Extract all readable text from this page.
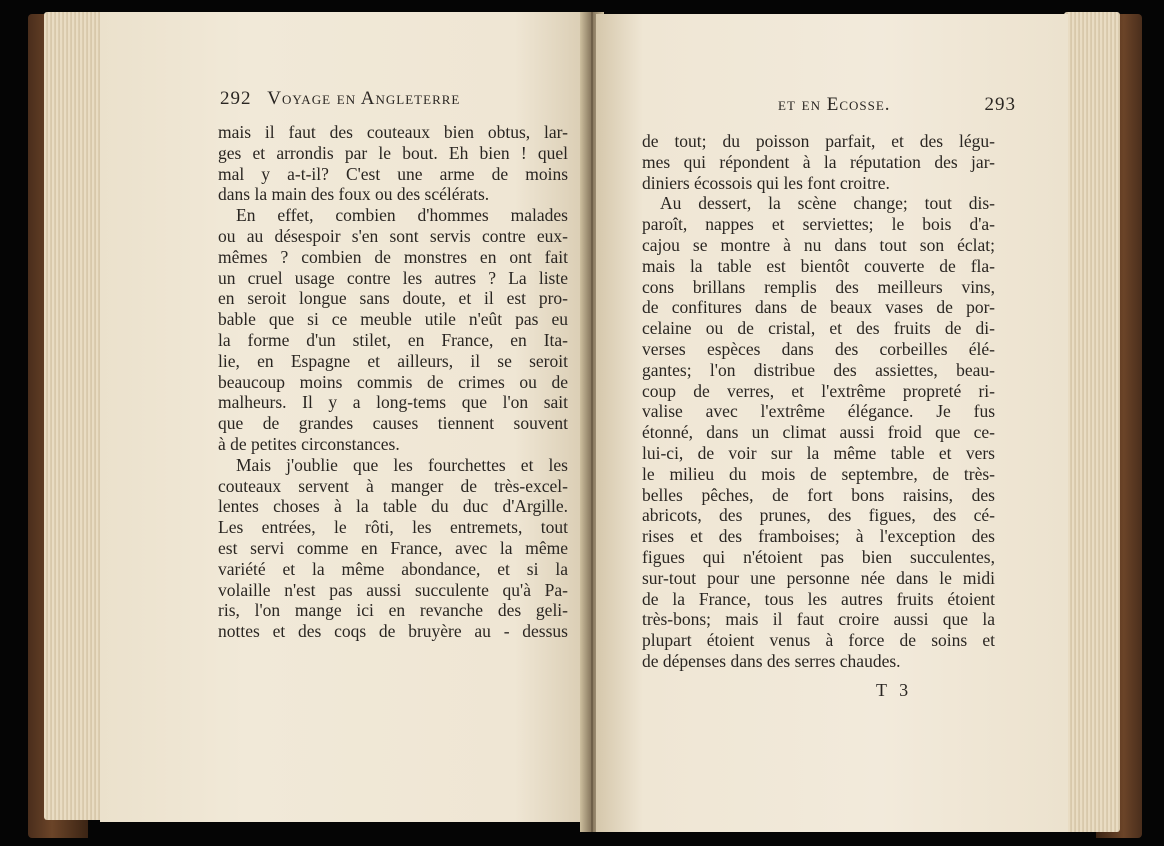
292 Voyage en Angleterre
mais il faut des couteaux bien obtus, lar-
ges et arrondis par le bout. Eh bien ! quel
mal y a-t-il? C'est une arme de moins
dans la main des foux ou des scélérats.
En effet, combien d'hommes malades
ou au désespoir s'en sont servis contre eux-
mêmes ? combien de monstres en ont fait
un cruel usage contre les autres ? La liste
en seroit longue sans doute, et il est pro-
bable que si ce meuble utile n'eût pas eu
la forme d'un stilet, en France, en Ita-
lie, en Espagne et ailleurs, il se seroit
beaucoup moins commis de crimes ou de
malheurs. Il y a long-tems que l'on sait
que de grandes causes tiennent souvent
à de petites circonstances.
Mais j'oublie que les fourchettes et les
couteaux servent à manger de très-excel-
lentes choses à la table du duc d'Argille.
Les entrées, le rôti, les entremets, tout
est servi comme en France, avec la même
variété et la même abondance, et si la
volaille n'est pas aussi succulente qu'à Pa-
ris, l'on mange ici en revanche des geli-
nottes et des coqs de bruyère au - dessus
et en Ecosse.	293
de tout; du poisson parfait, et des légu-
mes qui répondent à la réputation des jar-
diniers écossois qui les font croitre.
Au dessert, la scène change; tout dis-
paroît, nappes et serviettes; le bois d'a-
cajou se montre à nu dans tout son éclat;
mais la table est bientôt couverte de fla-
cons brillans remplis des meilleurs vins,
de confitures dans de beaux vases de por-
celaine ou de cristal, et des fruits de di-
verses espèces dans des corbeilles élé-
gantes; l'on distribue des assiettes, beau-
coup de verres, et l'extrême propreté ri-
valise avec l'extrême élégance. Je fus
étonné, dans un climat aussi froid que ce-
lui-ci, de voir sur la même table et vers
le milieu du mois de septembre, de très-
belles pêches, de fort bons raisins, des
abricots, des prunes, des figues, des cé-
rises et des framboises; à l'exception des
figues qui n'étoient pas bien succulentes,
sur-tout pour une personne née dans le midi
de la France, tous les autres fruits étoient
très-bons; mais il faut croire aussi que la
plupart étoient venus à force de soins et
de dépenses dans des serres chaudes.
T 3
